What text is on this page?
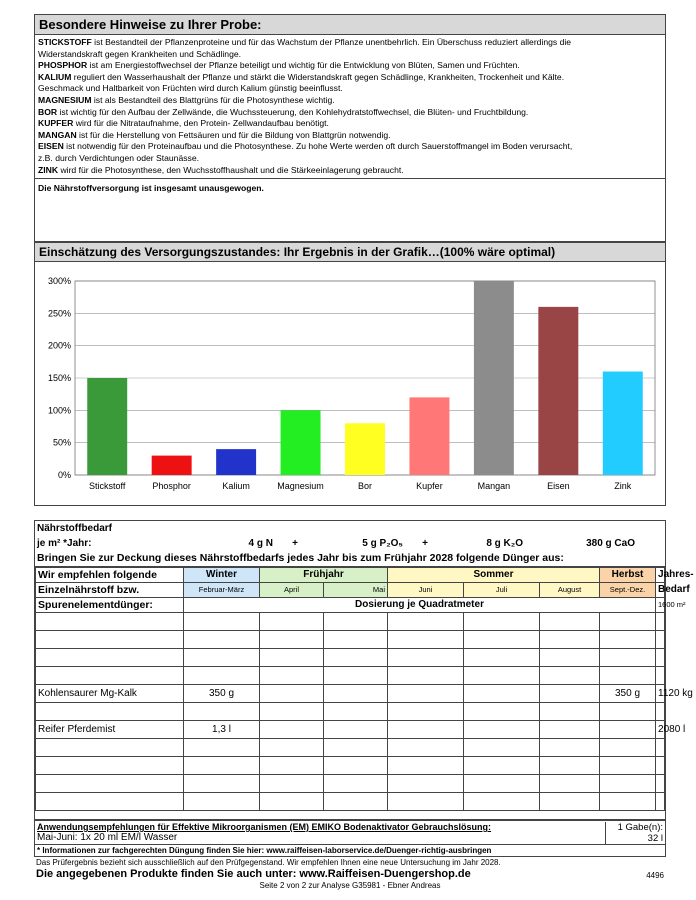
Besondere Hinweise zu Ihrer Probe:
STICKSTOFF ist Bestandteil der Pflanzenproteine und für das Wachstum der Pflanze unentbehrlich. Ein Überschuss reduziert allerdings die
Widerstandskraft gegen Krankheiten und Schädlinge.
PHOSPHOR ist am Energiestoffwechsel der Pflanze beteiligt und wichtig für die Entwicklung von Blüten, Samen und Früchten.
KALIUM reguliert den Wasserhaushalt der Pflanze und stärkt die Widerstandskraft gegen Schädlinge, Krankheiten, Trockenheit und Kälte.
Geschmack und Haltbarkeit von Früchten wird durch Kalium günstig beeinflusst.
MAGNESIUM ist als Bestandteil des Blattgrüns für die Photosynthese wichtig.
BOR ist wichtig für den Aufbau der Zellwände, die Wuchssteuerung, den Kohlehydratstoffwechsel, die Blüten- und Fruchtbildung.
KUPFER wird für die Nitrataufnahme, den Protein- Zellwandaufbau benötigt.
MANGAN ist für die Herstellung von Fettsäuren und für die Bildung von Blattgrün notwendig.
EISEN ist notwendig für den Proteinaufbau und die Photosynthese. Zu hohe Werte werden oft durch Sauerstoffmangel im Boden verursacht,
z.B. durch Verdichtungen oder Staunässe.
ZINK wird für die Photosynthese, den Wuchsstoffhaushalt und die Stärkeeinlagerung gebraucht.
Die Nährstoffversorgung ist insgesamt unausgewogen.
Einschätzung des Versorgungszustandes: Ihr Ergebnis in der Grafik…(100% wäre optimal)
0%
50%
100%
150%
200%
250%
300%
Stickstoff	Phosphor	Kalium	Magnesium	Bor	Kupfer	Mangan	Eisen	Zink
Nährstoffbedarf						
je m² *Jahr:	4 g N	+	5 g P₂O₅	+	8 g K₂O	380 g CaO
Bringen Sie zur Deckung dieses Nährstoffbedarfs jedes Jahr bis zum Frühjahr 2028 folgende Dünger aus:						
Wir empfehlen folgende	Winter	Frühjahr		Sommer			Herbst	Jahres-
Einzelnährstoff bzw.	Februar-März	April	Mai	Juni	Juli	August	Sept.-Dez.	Bedarf
Spurenelementdünger:	Dosierung je Quadratmeter							1600 m²

Kohlensaurer Mg-Kalk	350 g						350 g	1120 kg

Reifer Pferdemist	1,3 l							2080 l

Anwendungsempfehlungen für Effektive Mikroorganismen (EM) EMIKO Bodenaktivator Gebrauchslösung:
Mai-Juni: 1x 20 ml EM/l Wasser
1 Gabe(n):
32 l
* Informationen zur fachgerechten Düngung finden Sie hier: www.raiffeisen-laborservice.de/Duenger-richtig-ausbringen
Das Prüfergebnis bezieht sich ausschließlich auf den Prüfgegenstand. Wir empfehlen Ihnen eine neue Untersuchung im Jahr 2028.
Die angegebenen Produkte finden Sie auch unter: www.Raiffeisen-Duengershop.de	4496
Seite 2 von 2 zur Analyse G35981 - Ebner Andreas
